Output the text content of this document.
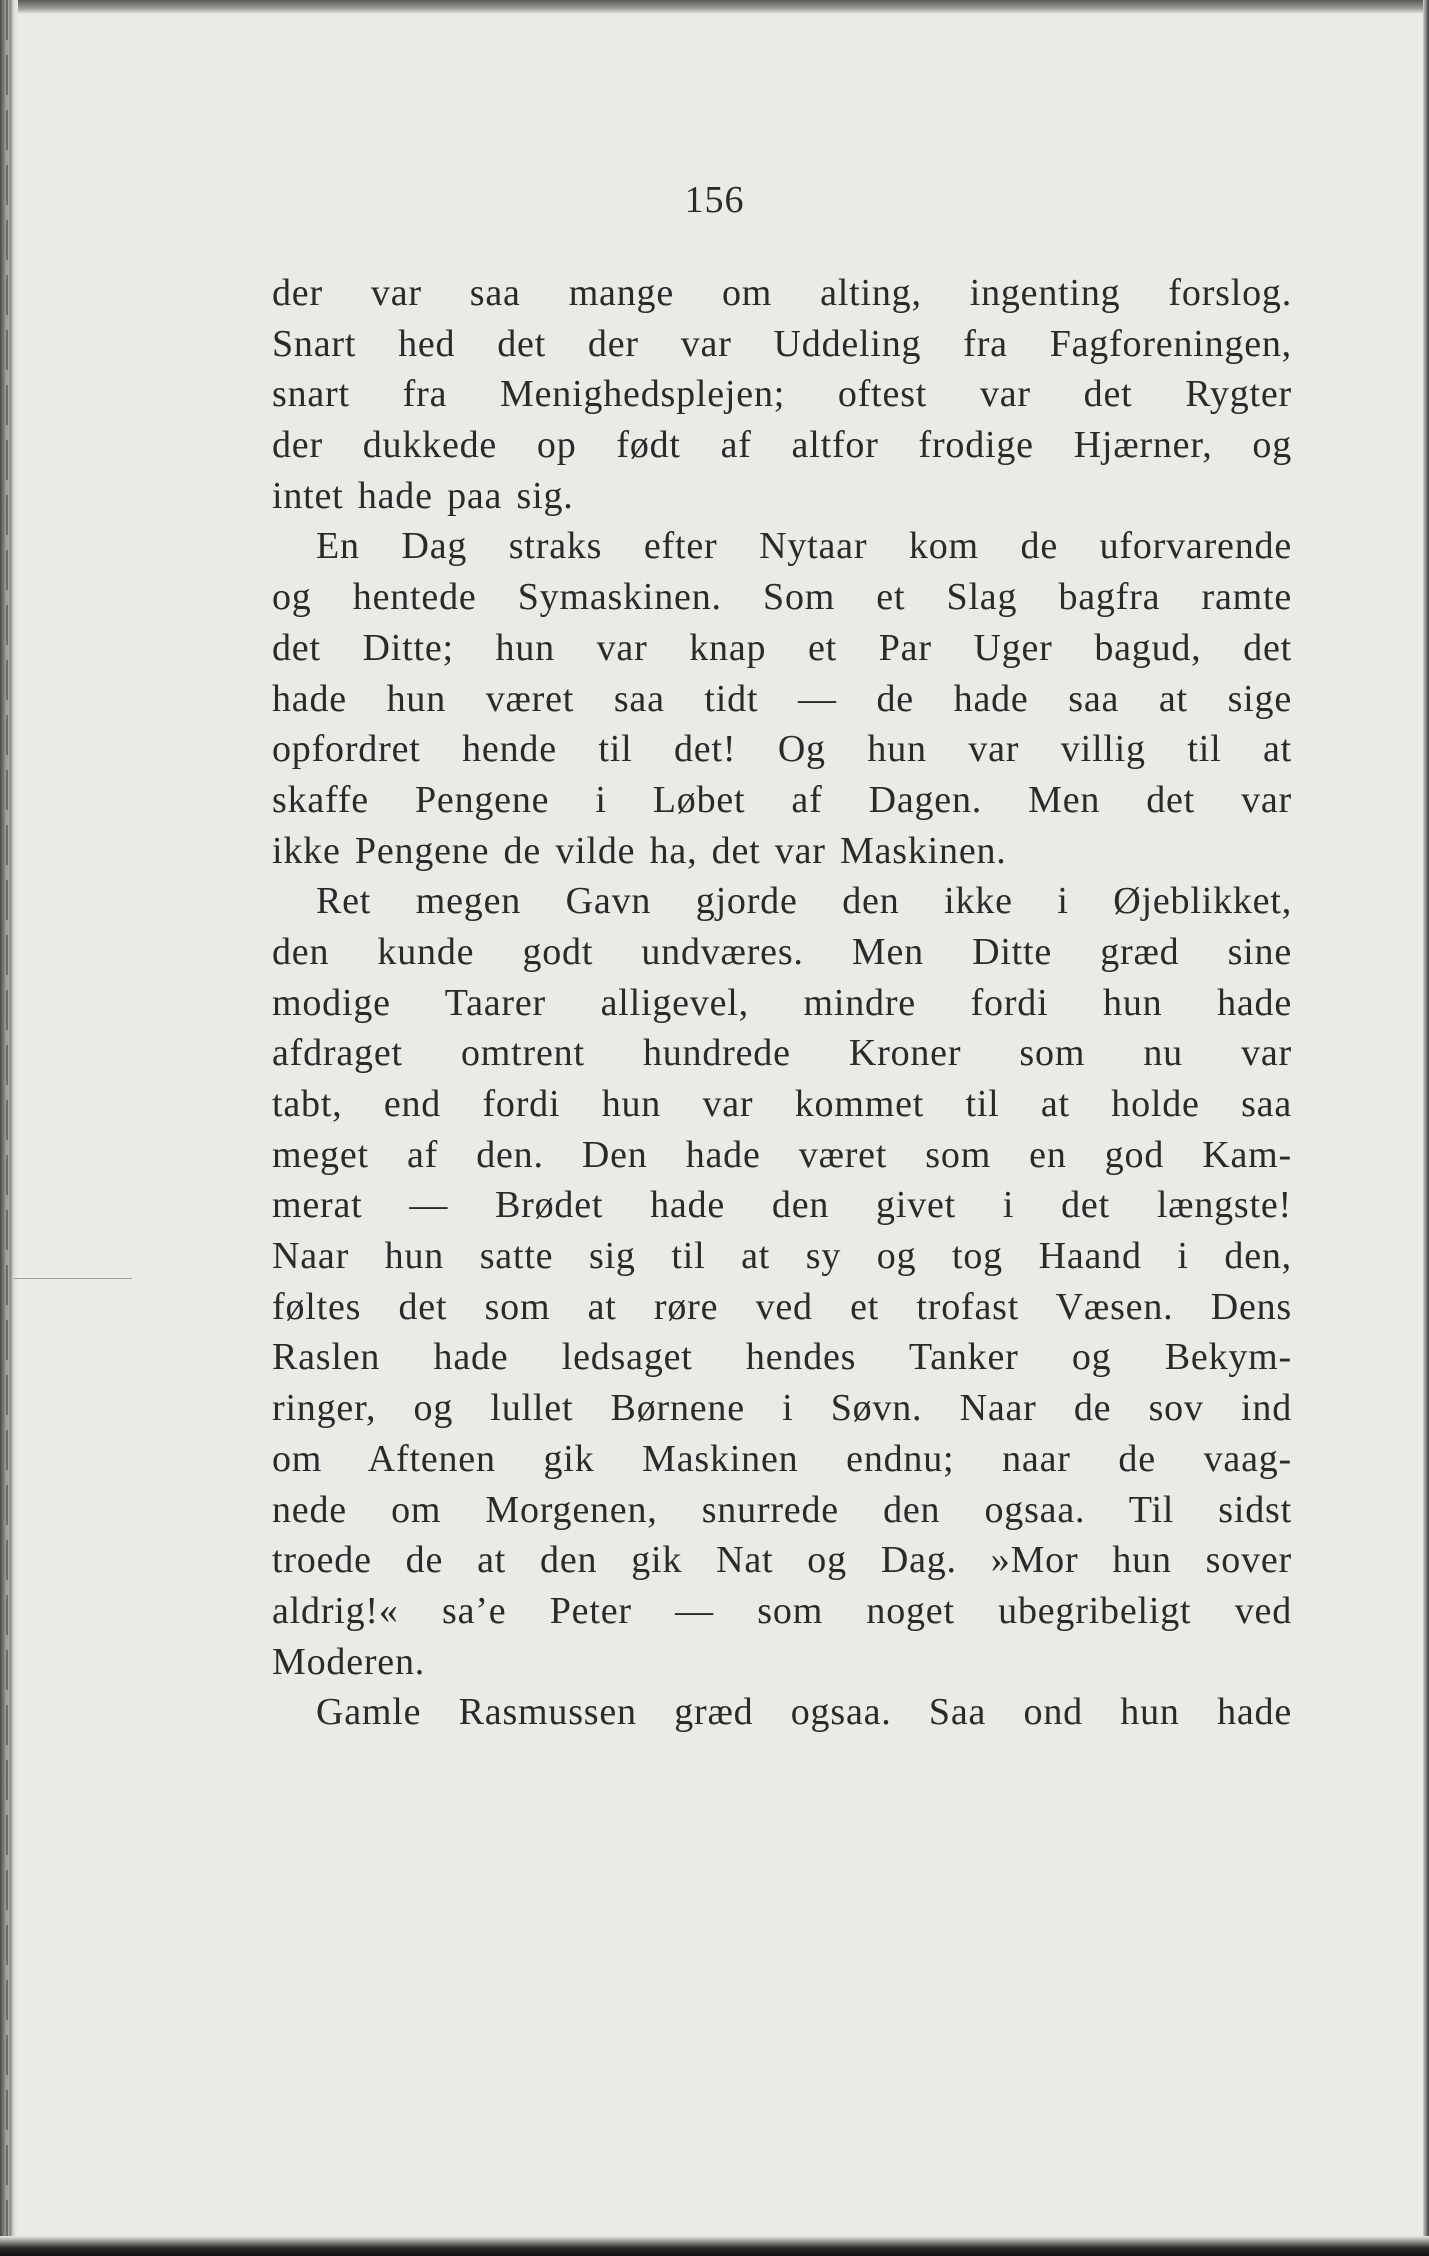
156
der var saa mange om alting, ingenting forslog.
Snart hed det der var Uddeling fra Fagforeningen,
snart fra Menighedsplejen; oftest var det Rygter
der dukkede op født af altfor frodige Hjærner, og
intet hade paa sig.
En Dag straks efter Nytaar kom de uforvarende
og hentede Symaskinen. Som et Slag bagfra ramte
det Ditte; hun var knap et Par Uger bagud, det
hade hun været saa tidt — de hade saa at sige
opfordret hende til det! Og hun var villig til at
skaffe Pengene i Løbet af Dagen. Men det var
ikke Pengene de vilde ha, det var Maskinen.
Ret megen Gavn gjorde den ikke i Øjeblikket,
den kunde godt undværes. Men Ditte græd sine
modige Taarer alligevel, mindre fordi hun hade
afdraget omtrent hundrede Kroner som nu var
tabt, end fordi hun var kommet til at holde saa
meget af den. Den hade været som en god Kam-
merat — Brødet hade den givet i det længste!
Naar hun satte sig til at sy og tog Haand i den,
føltes det som at røre ved et trofast Væsen. Dens
Raslen hade ledsaget hendes Tanker og Bekym-
ringer, og lullet Børnene i Søvn. Naar de sov ind
om Aftenen gik Maskinen endnu; naar de vaag-
nede om Morgenen, snurrede den ogsaa. Til sidst
troede de at den gik Nat og Dag. »Mor hun sover
aldrig!« sa’e Peter — som noget ubegribeligt ved
Moderen.
Gamle Rasmussen græd ogsaa. Saa ond hun hade
